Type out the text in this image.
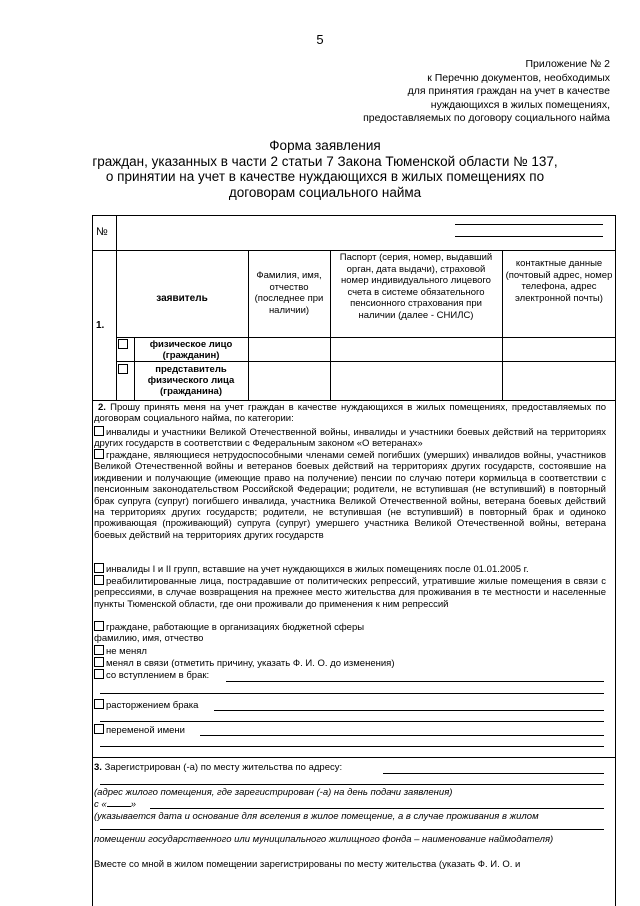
5
Приложение № 2
к Перечню документов, необходимых
для принятия граждан на учет в качестве
нуждающихся в жилых помещениях,
предоставляемых по договору социального найма
Форма заявления
граждан, указанных в части 2 статьи 7 Закона Тюменской области № 137,
о принятии на учет в качестве нуждающихся в жилых помещениях по
договорам социального найма
№
1.
заявитель
Фамилия, имя, отчество (последнее при наличии)
Паспорт (серия, номер, выдавший орган, дата выдачи), страховой номер индивидуального лицевого счета в системе обязательного пенсионного страхования при наличии (далее - СНИЛС)
контактные данные (почтовый адрес, номер телефона, адрес электронной почты)
физическое лицо (гражданин)
представитель физического лица (гражданина)
2. Прошу принять меня на учет граждан в качестве нуждающихся в жилых помещениях, предоставляемых по договорам социального найма, по категории:
инвалиды и участники Великой Отечественной войны, инвалиды и участники боевых действий на территориях других государств в соответствии с Федеральным законом «О ветеранах»
граждане, являющиеся нетрудоспособными членами семей погибших (умерших) инвалидов войны, участников Великой Отечественной войны и ветеранов боевых действий на территориях других государств, состоявшие на иждивении и получающие (имеющие право на получение) пенсии по случаю потери кормильца в соответствии с пенсионным законодательством Российской Федерации; родители, не вступившая (не вступивший) в повторный брак супруга (супруг) погибшего инвалида, участника Великой Отечественной войны, ветерана боевых действий на территориях других государств; родители, не вступившая (не вступивший) в повторный брак и одиноко проживающая (проживающий) супруга (супруг) умершего участника Великой Отечественной войны, ветерана боевых действий на территориях других государств
инвалиды I и II групп, вставшие на учет нуждающихся в жилых помещениях после 01.01.2005 г.
реабилитированные лица, пострадавшие от политических репрессий, утратившие жилые помещения в связи с репрессиями, в случае возвращения на прежнее место жительства для проживания в те местности и населенные пункты Тюменской области, где они проживали до применения к ним репрессий
граждане, работающие в организациях бюджетной сферы
фамилию, имя, отчество
не менял
менял в связи (отметить причину, указать Ф. И. О. до изменения)
со вступлением в брак:
расторжением брака
переменой имени
3. Зарегистрирован (-а) по месту жительства по адресу:
(адрес жилого помещения, где зарегистрирован (-а) на день подачи заявления)
с «	»
(указывается дата и основание для вселения в жилое помещение, а в случае проживания в жилом
помещении государственного или муниципального жилищного фонда – наименование наймодателя)
Вместе со мной в жилом помещении зарегистрированы по месту жительства (указать Ф. И. О. и
